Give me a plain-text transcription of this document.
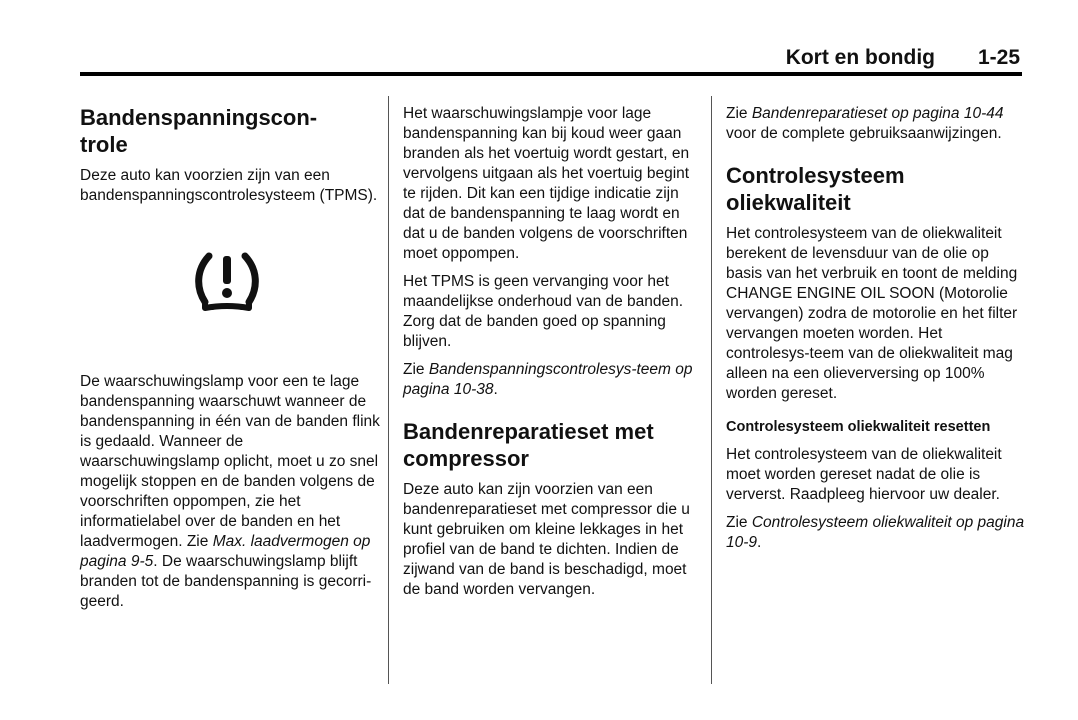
Kort en bondig 1-25
Bandenspanningscon-
trole

Deze auto kan voorzien zijn van een bandenspanningscontrolesysteem (TPMS).

De waarschuwingslamp voor een te lage bandenspanning waarschuwt wanneer de bandenspanning in één van de banden flink is gedaald. Wanneer de waarschuwingslamp oplicht, moet u zo snel mogelijk stoppen en de banden volgens de voorschriften oppompen, zie het informatielabel over de banden en het laadvermogen. Zie Max. laadvermogen op pagina 9-5. De waarschuwingslamp blijft branden tot de bandenspanning is gecorri-geerd.

Het waarschuwingslampje voor lage bandenspanning kan bij koud weer gaan branden als het voertuig wordt gestart, en vervolgens uitgaan als het voertuig begint te rijden. Dit kan een tijdige indicatie zijn dat de bandenspanning te laag wordt en dat u de banden volgens de voorschriften moet oppompen.

Het TPMS is geen vervanging voor het maandelijkse onderhoud van de banden. Zorg dat de banden goed op spanning blijven.

Zie Bandenspanningscontrolesys-teem op pagina 10-38.

Bandenreparatieset met compressor

Deze auto kan zijn voorzien van een bandenreparatieset met compressor die u kunt gebruiken om kleine lekkages in het profiel van de band te dichten. Indien de zijwand van de band is beschadigd, moet de band worden vervangen.

Zie Bandenreparatieset op pagina 10-44 voor de complete gebruiksaanwijzingen.

Controlesysteem oliekwaliteit

Het controlesysteem van de oliekwaliteit berekent de levensduur van de olie op basis van het verbruik en toont de melding CHANGE ENGINE OIL SOON (Motorolie vervangen) zodra de motorolie en het filter vervangen moeten worden. Het controlesys-teem van de oliekwaliteit mag alleen na een olieverversing op 100% worden gereset.

Controlesysteem oliekwaliteit resetten

Het controlesysteem van de oliekwaliteit moet worden gereset nadat de olie is ververst. Raadpleeg hiervoor uw dealer.

Zie Controlesysteem oliekwaliteit op pagina 10-9.
